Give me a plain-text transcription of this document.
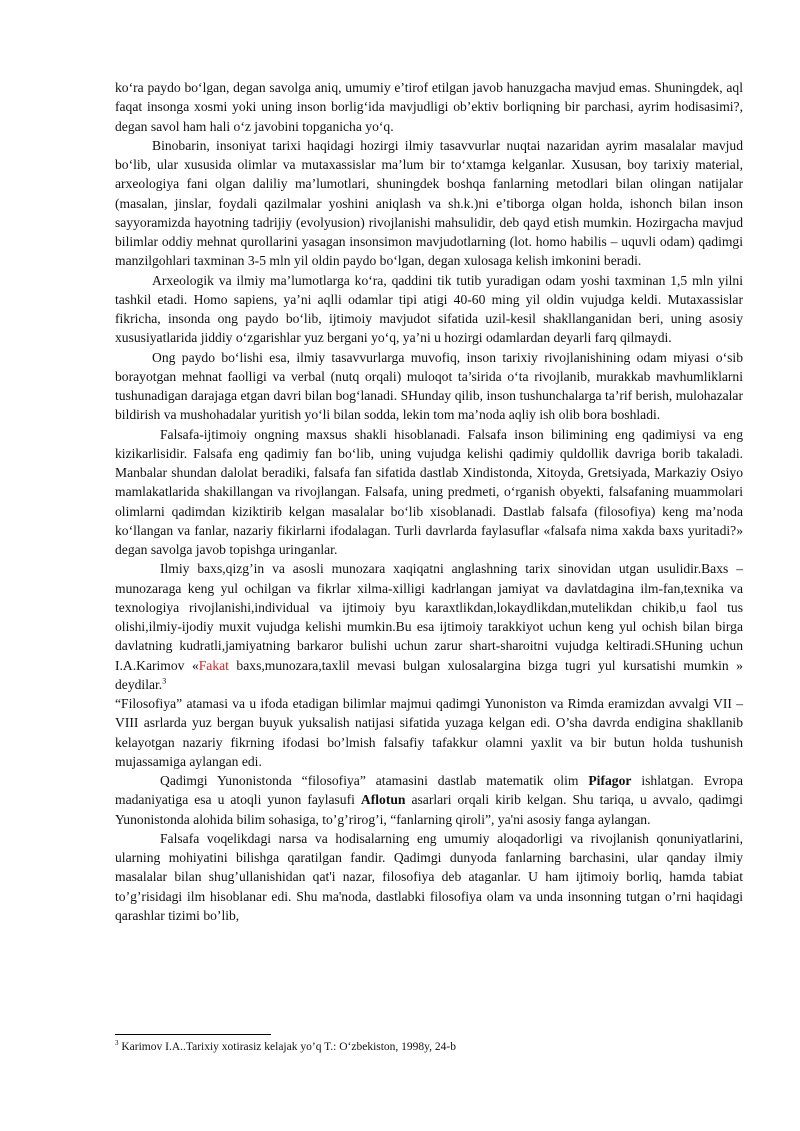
ko‘ra paydo bo‘lgan, degan savolga aniq, umumiy e’tirof etilgan javob hanuzgacha mavjud emas. Shuningdek, aql faqat insonga xosmi yoki uning inson borlig‘ida mavjudligi ob’ektiv borliqning bir parchasi, ayrim hodisasimi?, degan savol ham hali o‘z javobini topganicha yo‘q.

Binobarin, insoniyat tarixi haqidagi hozirgi ilmiy tasavvurlar nuqtai nazaridan ayrim masalalar mavjud bo‘lib, ular xususida olimlar va mutaxassislar ma’lum bir to‘xtamga kelganlar. Xususan, boy tarixiy material, arxeologiya fani olgan daliliy ma’lumotlari, shuningdek boshqa fanlarning metodlari bilan olingan natijalar (masalan, jinslar, foydali qazilmalar yoshini aniqlash va sh.k.)ni e’tiborga olgan holda, ishonch bilan inson sayyoramizda hayotning tadrijiy (evolyusion) rivojlanishi mahsulidir, deb qayd etish mumkin. Hozirgacha mavjud bilimlar oddiy mehnat qurollarini yasagan insonsimon mavjudotlarning (lot. homo habilis – uquvli odam) qadimgi manzilgohlari taxminan 3-5 mln yil oldin paydo bo‘lgan, degan xulosaga kelish imkonini beradi.

Arxeologik va ilmiy ma’lumotlarga ko‘ra, qaddini tik tutib yuradigan odam yoshi taxminan 1,5 mln yilni tashkil etadi. Homo sapiens, ya’ni aqlli odamlar tipi atigi 40-60 ming yil oldin vujudga keldi. Mutaxassislar fikricha, insonda ong paydo bo‘lib, ijtimoiy mavjudot sifatida uzil-kesil shakllanganidan beri, uning asosiy xususiyatlarida jiddiy o‘zgarishlar yuz bergani yo‘q, ya’ni u hozirgi odamlardan deyarli farq qilmaydi.

Ong paydo bo‘lishi esa, ilmiy tasavvurlarga muvofiq, inson tarixiy rivojlanishining odam miyasi o‘sib borayotgan mehnat faolligi va verbal (nutq orqali) muloqot ta’sirida o‘ta rivojlanib, murakkab mavhumliklarni tushunadigan darajaga etgan davri bilan bog‘lanadi. SHunday qilib, inson tushunchalarga ta’rif berish, mulohazalar bildirish va mushohadalar yuritish yo‘li bilan sodda, lekin tom ma’noda aqliy ish olib bora boshladi.

Falsafa-ijtimoiy ongning maxsus shakli hisoblanadi. Falsafa inson bilimining eng qadimiysi va eng kizikarlisidir. Falsafa eng qadimiy fan bo‘lib, uning vujudga kelishi qadimiy quldollik davriga borib takaladi. Manbalar shundan dalolat beradiki, falsafa fan sifatida dastlab Xindistonda, Xitoyda, Gretsiyada, Markaziy Osiyo mamlakatlarida shakillangan va rivojlangan. Falsafa, uning predmeti, o‘rganish obyekti, falsafaning muammolari olimlarni qadimdan kiziktirib kelgan masalalar bo‘lib xisoblanadi. Dastlab falsafa (filosofiya) keng ma’noda ko‘llangan va fanlar, nazariy fikirlarni ifodalagan. Turli davrlarda faylasuflar «falsafa nima xakda baxs yuritadi?» degan savolga javob topishga uringanlar.

Ilmiy baxs,qizg’in va asosli munozara xaqiqatni anglashning tarix sinovidan utgan usulidir.Baxs – munozaraga keng yul ochilgan va fikrlar xilma-xilligi kadrlangan jamiyat va davlatdagina ilm-fan,texnika va texnologiya rivojlanishi,individual va ijtimoiy byu karaxtlikdan,lokaydlikdan,mutelikdan chikib,u faol tus olishi,ilmiy-ijodiy muxit vujudga kelishi mumkin.Bu esa ijtimoiy tarakkiyot uchun keng yul ochish bilan birga davlatning kudratli,jamiyatning barkaror bulishi uchun zarur shart-sharoitni vujudga keltiradi.SHuning uchun I.A.Karimov «Fakat baxs,munozara,taxlil mevasi bulgan xulosalargina bizga tugri yul kursatishi mumkin » deydilar.$^3$

“Filosofiya” atamasi va u ifoda etadigan bilimlar majmui qadimgi Yunoniston va Rimda eramizdan avvalgi VII – VIII asrlarda yuz bergan buyuk yuksalish natijasi sifatida yuzaga kelgan edi. O’sha davrda endigina shakllanib kelayotgan nazariy fikrning ifodasi bo’lmish falsafiy tafakkur olamni yaxlit va bir butun holda tushunish mujassamiga aylangan edi.

Qadimgi Yunonistonda “filosofiya” atamasini dastlab matematik olim Pifagor ishlatgan. Evropa madaniyatiga esa u atoqli yunon faylasufi Aflotun asarlari orqali kirib kelgan. Shu tariqa, u avvalo, qadimgi Yunonistonda alohida bilim sohasiga, to’g’rirog’i, “fanlarning qiroli”, ya'ni asosiy fanga aylangan.

Falsafa voqelikdagi narsa va hodisalarning eng umumiy aloqadorligi va rivojlanish qonuniyatlarini, ularning mohiyatini bilishga qaratilgan fandir. Qadimgi dunyoda fanlarning barchasini, ular qanday ilmiy masalalar bilan shug’ullanishidan qat'i nazar, filosofiya deb ataganlar. U ham ijtimoiy borliq, hamda tabiat to’g’risidagi ilm hisoblanar edi. Shu ma'noda, dastlabki filosofiya olam va unda insonning tutgan o’rni haqidagi qarashlar tizimi bo’lib,

$^3$ Karimov I.A..Tarixiy xotirasiz kelajak yo’q T.: O‘zbekiston, 1998y, 24-b
